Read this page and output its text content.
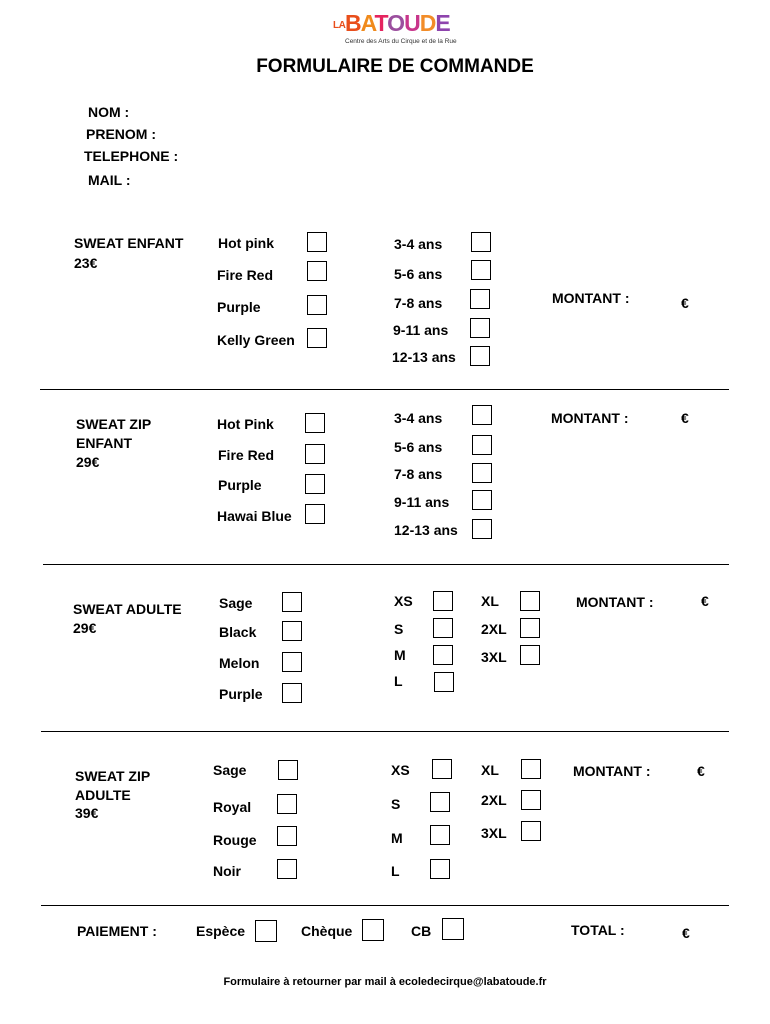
LA BATOUDE
Centre des Arts du Cirque et de la Rue
FORMULAIRE DE COMMANDE
NOM :
PRENOM :
TELEPHONE :
MAIL :
SWEAT ENFANT
23€
Hot pink
Fire Red
Purple
Kelly Green
3-4 ans
5-6 ans
7-8 ans
9-11 ans
12-13 ans
MONTANT :	€
SWEAT ZIP
ENFANT
29€
Hot Pink
Fire Red
Purple
Hawai Blue
3-4 ans
5-6 ans
7-8 ans
9-11 ans
12-13 ans
MONTANT :	€
SWEAT ADULTE
29€
Sage
Black
Melon
Purple
XS
S
M
L
XL
2XL
3XL
MONTANT :	€
SWEAT ZIP
ADULTE
39€
Sage
Royal
Rouge
Noir
XS
S
M
L
XL
2XL
3XL
MONTANT :	€
PAIEMENT :	Espèce	Chèque	CB	TOTAL :	€
Formulaire à retourner par mail à ecoledecirque@labatoude.fr
